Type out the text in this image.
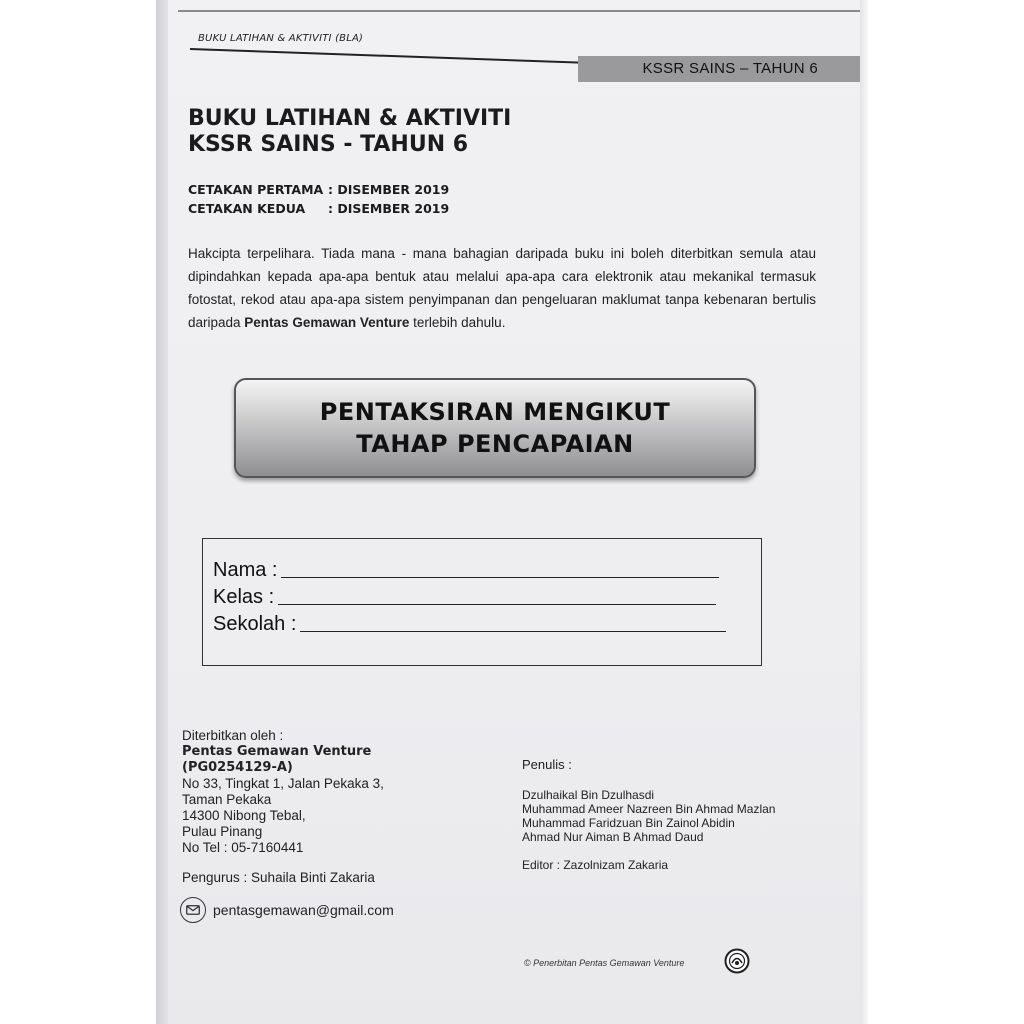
BUKU LATIHAN & AKTIVITI (BLA)
KSSR SAINS – TAHUN 6
BUKU LATIHAN & AKTIVITI
KSSR SAINS - TAHUN 6
CETAKAN PERTAMA :
DISEMBER 2019
CETAKAN KEDUA	:
DISEMBER 2019
Hakcipta terpelihara. Tiada mana - mana bahagian daripada buku ini boleh diterbitkan semula atau dipindahkan kepada apa-apa bentuk atau melalui apa-apa cara elektronik atau mekanikal termasuk fotostat, rekod atau apa-apa sistem penyimpanan dan pengeluaran maklumat tanpa kebenaran bertulis daripada Pentas Gemawan Venture terlebih dahulu.
PENTAKSIRAN MENGIKUT
TAHAP PENCAPAIAN
Nama :
Kelas :
Sekolah :
Diterbitkan oleh :
Pentas Gemawan Venture
(PG0254129-A)
No 33, Tingkat 1, Jalan Pekaka 3,
Taman Pekaka
14300 Nibong Tebal,
Pulau Pinang
No Tel : 05-7160441
Pengurus : Suhaila Binti Zakaria
pentasgemawan@gmail.com
Penulis :
Dzulhaikal Bin Dzulhasdi
Muhammad Ameer Nazreen Bin Ahmad Mazlan
Muhammad Faridzuan Bin Zainol Abidin
Ahmad Nur Aiman B Ahmad Daud
Editor : Zazolnizam Zakaria
© Penerbitan Pentas Gemawan Venture
